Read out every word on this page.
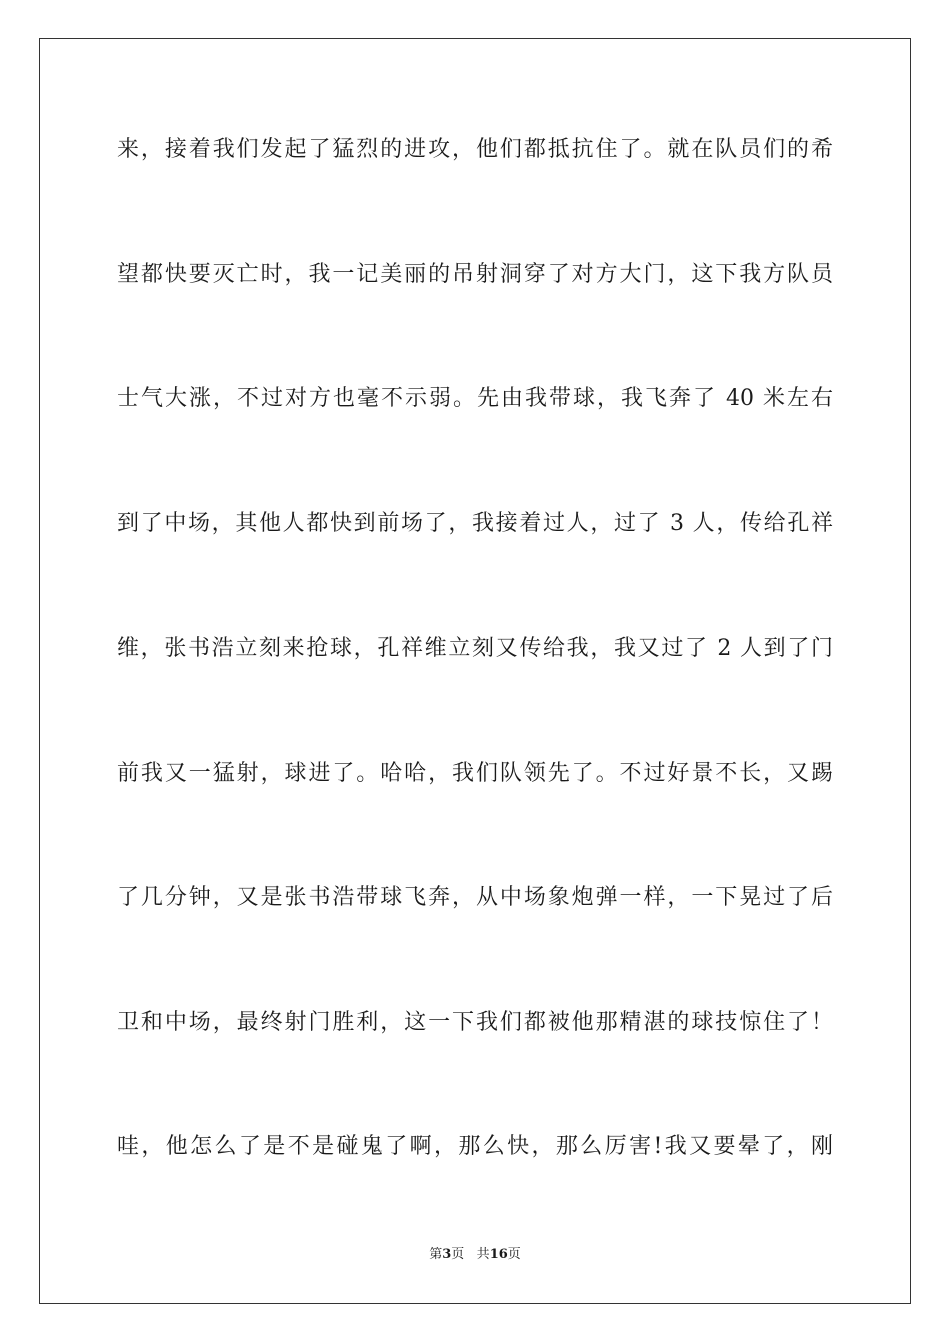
来，接着我们发起了猛烈的进攻，他们都抵抗住了。就在队员们的希
望都快要灭亡时，我一记美丽的吊射洞穿了对方大门，这下我方队员
士气大涨，不过对方也毫不示弱。先由我带球，我飞奔了 40 米左右
到了中场，其他人都快到前场了，我接着过人，过了 3 人，传给孔祥
维，张书浩立刻来抢球，孔祥维立刻又传给我，我又过了 2 人到了门
前我又一猛射，球进了。哈哈，我们队领先了。不过好景不长，又踢
了几分钟，又是张书浩带球飞奔，从中场象炮弹一样，一下晃过了后
卫和中场，最终射门胜利，这一下我们都被他那精湛的球技惊住了！
哇，他怎么了是不是碰鬼了啊，那么快，那么厉害!我又要晕了，刚
第3页 共16页
